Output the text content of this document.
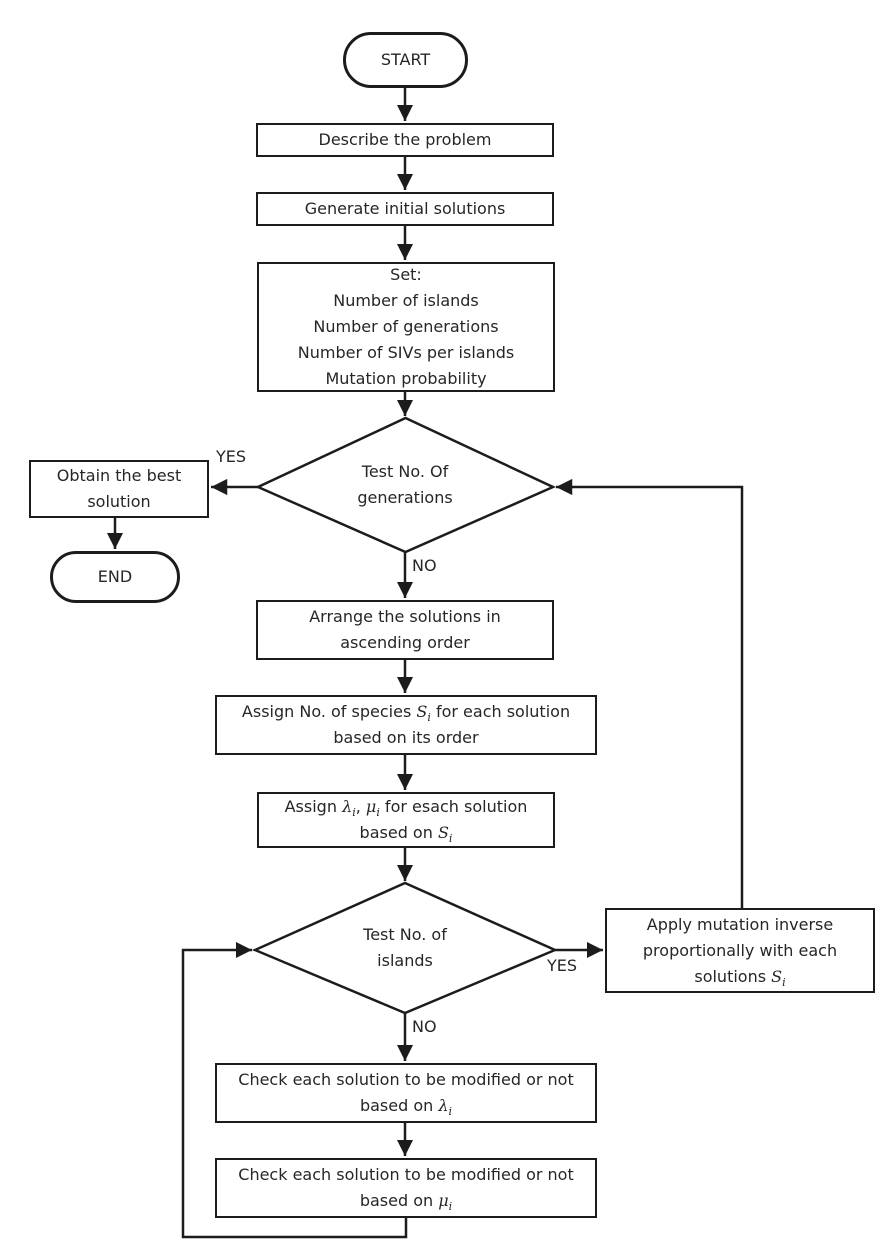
START
Describe the problem
Generate initial solutions
Set:
Number of islands
Number of generations
Number of SIVs per islands
Mutation probability
Test No. Of
generations
YES
NO
Obtain the best
solution
END
Arrange the solutions in
ascending order
Assign No. of species $S_i$ for each solution
based on its order
Assign $\lambda_i$, $\mu_i$ for esach solution
based on $S_i$
Test No. of
islands	YES
NO
Apply mutation inverse
proportionally with each
solutions $S_i$
Check each solution to be modified or not
based on $\lambda_i$
Check each solution to be modified or not
based on $\mu_i$
